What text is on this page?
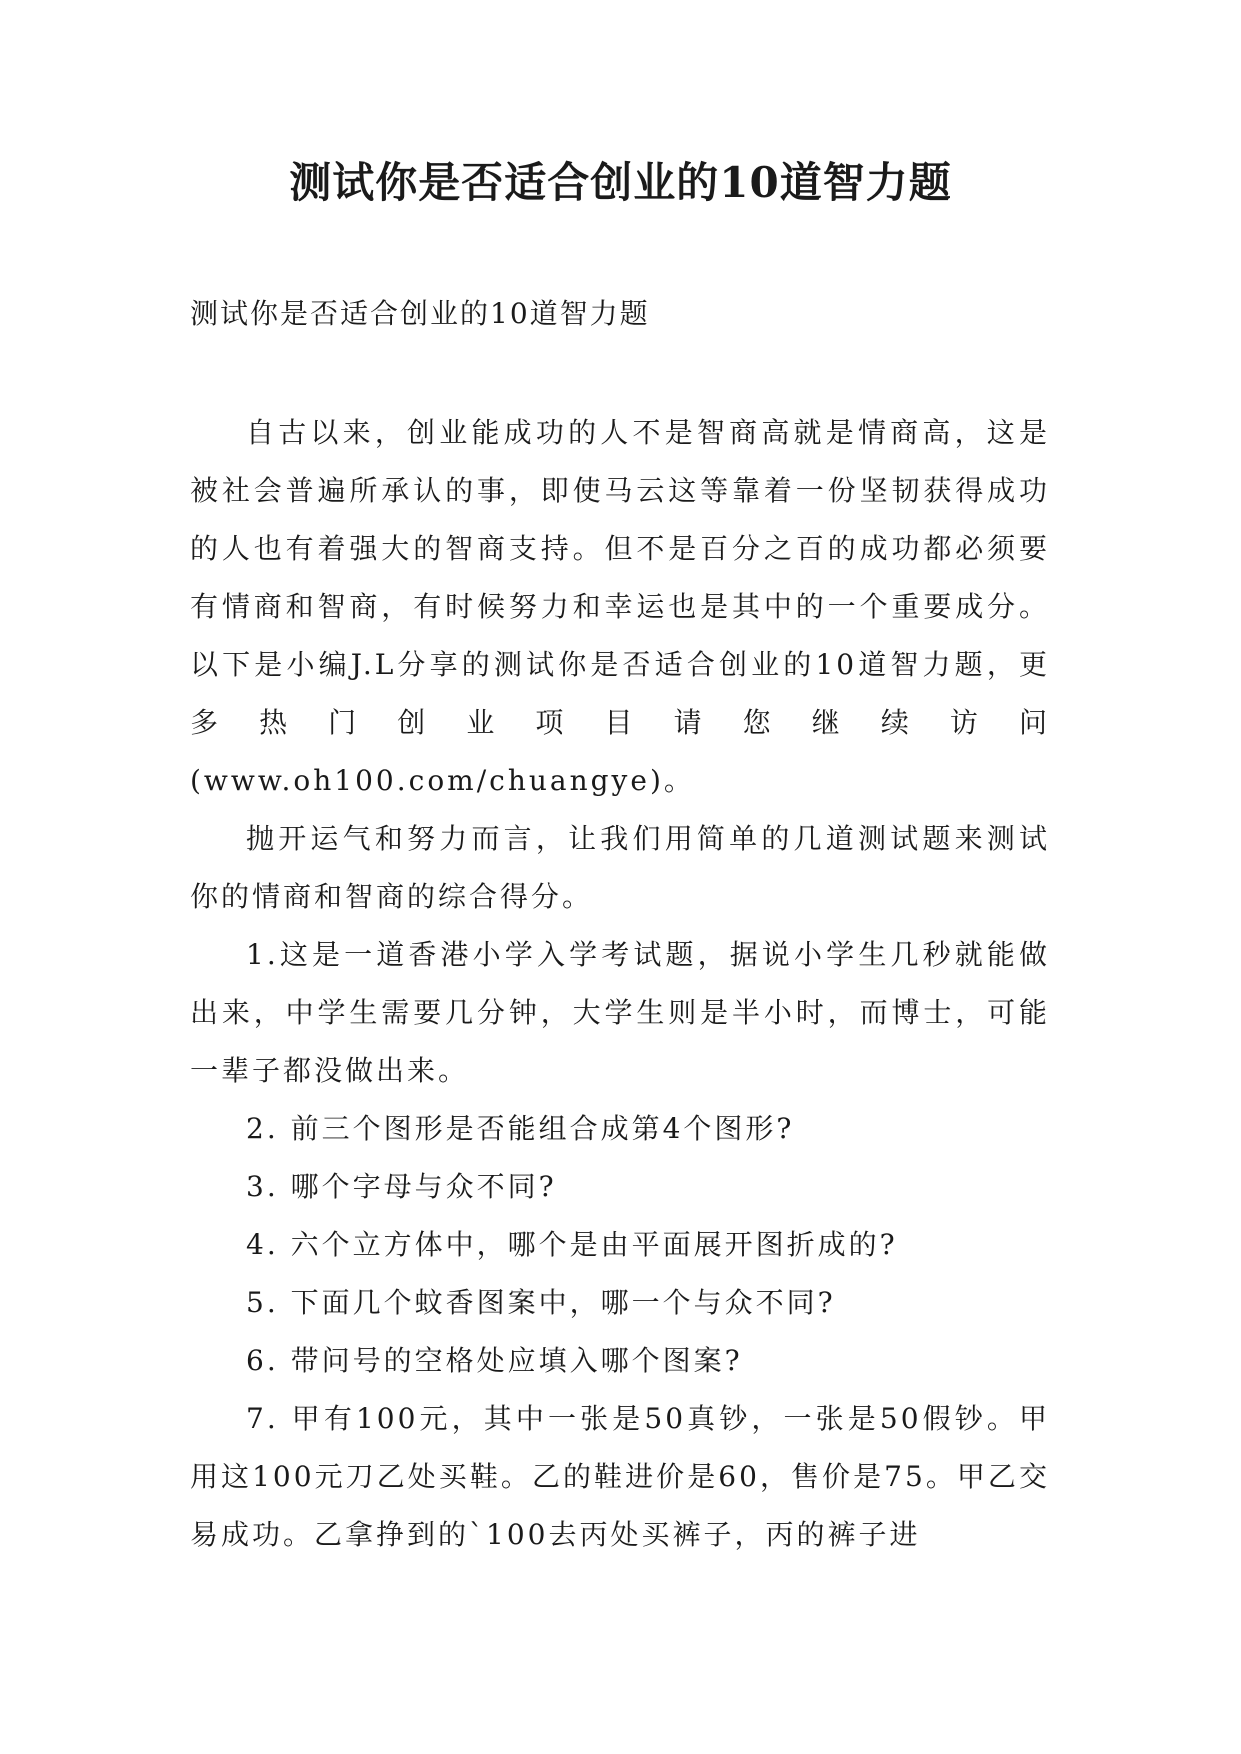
测试你是否适合创业的10道智力题

测试你是否适合创业的10道智力题

自古以来，创业能成功的人不是智商高就是情商高，这是被社会普遍所承认的事，即使马云这等靠着一份坚韧获得成功的人也有着强大的智商支持。但不是百分之百的成功都必须要有情商和智商，有时候努力和幸运也是其中的一个重要成分。以下是小编J.L分享的测试你是否适合创业的10道智力题，更多热门创业项目请您继续访问(www.oh100.com/chuangye)。

抛开运气和努力而言，让我们用简单的几道测试题来测试你的情商和智商的综合得分。

1.这是一道香港小学入学考试题，据说小学生几秒就能做出来，中学生需要几分钟，大学生则是半小时，而博士，可能一辈子都没做出来。

2. 前三个图形是否能组合成第4个图形?

3. 哪个字母与众不同?

4. 六个立方体中，哪个是由平面展开图折成的?

5. 下面几个蚊香图案中，哪一个与众不同?

6. 带问号的空格处应填入哪个图案?

7. 甲有100元，其中一张是50真钞，一张是50假钞。甲用这100元刀乙处买鞋。乙的鞋进价是60，售价是75。甲乙交易成功。乙拿挣到的`100去丙处买裤子，丙的裤子进
